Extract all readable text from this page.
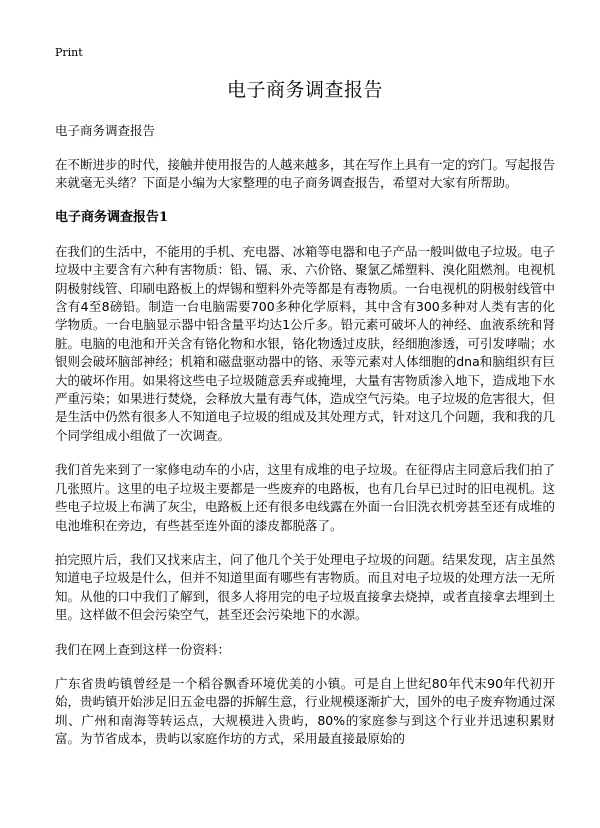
Print
电子商务调查报告
电子商务调查报告

在不断进步的时代，接触并使用报告的人越来越多，其在写作上具有一定的窍门。写起报告来就毫无头绪？下面是小编为大家整理的电子商务调查报告，希望对大家有所帮助。

电子商务调查报告1

在我们的生活中，不能用的手机、充电器、冰箱等电器和电子产品一般叫做电子垃圾。电子垃圾中主要含有六种有害物质：铅、镉、汞、六价铬、聚氯乙烯塑料、溴化阻燃剂。电视机阴极射线管、印刷电路板上的焊锡和塑料外壳等都是有毒物质。一台电视机的阴极射线管中含有4至8磅铅。制造一台电脑需要700多种化学原料，其中含有300多种对人类有害的化学物质。一台电脑显示器中铅含量平均达1公斤多。铅元素可破坏人的神经、血液系统和肾脏。电脑的电池和开关含有铬化物和水银，铬化物透过皮肤，经细胞渗透，可引发哮喘；水银则会破坏脑部神经；机箱和磁盘驱动器中的铬、汞等元素对人体细胞的dna和脑组织有巨大的破坏作用。如果将这些电子垃圾随意丢弃或掩埋，大量有害物质渗入地下，造成地下水严重污染；如果进行焚烧，会释放大量有毒气体，造成空气污染。电子垃圾的危害很大，但是生活中仍然有很多人不知道电子垃圾的组成及其处理方式，针对这几个问题，我和我的几个同学组成小组做了一次调查。

我们首先来到了一家修电动车的小店，这里有成堆的电子垃圾。在征得店主同意后我们拍了几张照片。这里的电子垃圾主要都是一些废弃的电路板，也有几台早已过时的旧电视机。这些电子垃圾上布满了灰尘，电路板上还有很多电线露在外面一台旧洗衣机旁甚至还有成堆的电池堆积在旁边，有些甚至连外面的漆皮都脱落了。

拍完照片后，我们又找来店主，问了他几个关于处理电子垃圾的问题。结果发现，店主虽然知道电子垃圾是什么，但并不知道里面有哪些有害物质。而且对电子垃圾的处理方法一无所知。从他的口中我们了解到，很多人将用完的电子垃圾直接拿去烧掉，或者直接拿去埋到土里。这样做不但会污染空气，甚至还会污染地下的水源。

我们在网上查到这样一份资料：

广东省贵屿镇曾经是一个稻谷飘香环境优美的小镇。可是自上世纪80年代末90年代初开始，贵屿镇开始涉足旧五金电器的拆解生意，行业规模逐渐扩大，国外的电子废弃物通过深圳、广州和南海等转运点，大规模进入贵屿，80%的家庭参与到这个行业并迅速积累财富。为节省成本，贵屿以家庭作坊的方式，采用最直接最原始的
